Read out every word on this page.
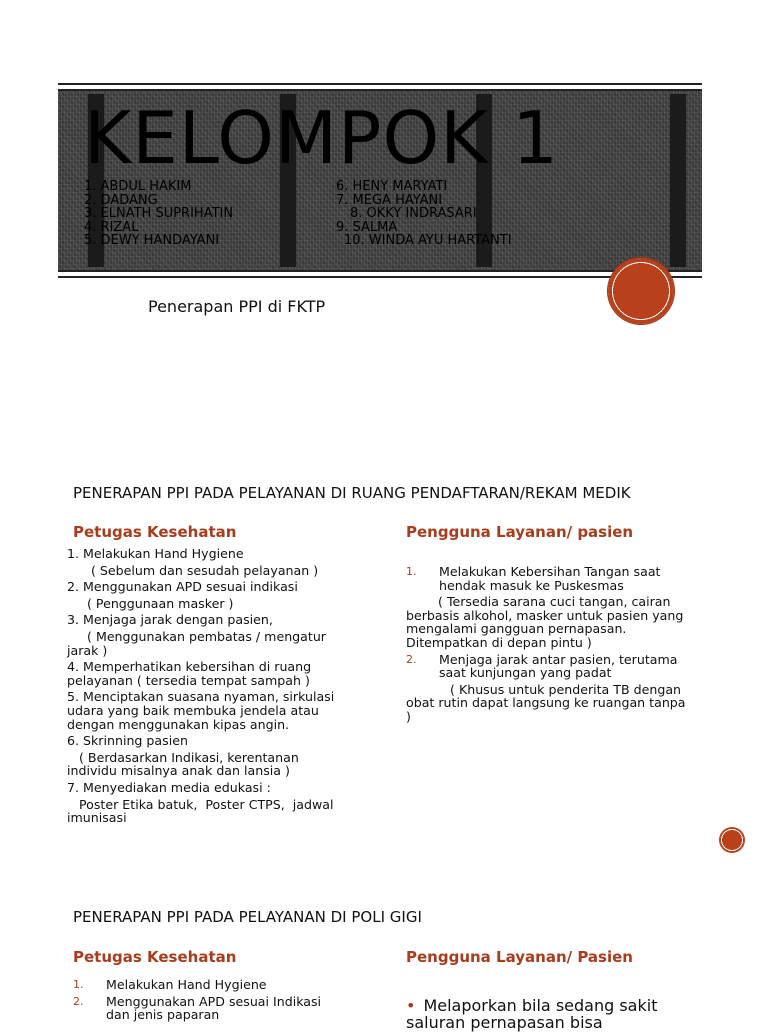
KELOMPOK 1
1. ABDUL HAKIM
2. DADANG
3. ELNATH SUPRIHATIN
4. RIZAL
5. DEWY HANDAYANI
6. HENY MARYATI
7. MEGA HAYANI
8. OKKY INDRASARI
9. SALMA
10. WINDA AYU HARTANTI
Penerapan PPI di FKTP
PENERAPAN PPI PADA PELAYANAN DI RUANG PENDAFTARAN/REKAM MEDIK
Petugas Kesehatan	Pengguna Layanan/ pasien
1. Melakukan Hand Hygiene
( Sebelum dan sesudah pelayanan )
2. Menggunakan APD sesuai indikasi
( Penggunaan masker )
3. Menjaga jarak dengan pasien,
( Menggunakan pembatas / mengatur jarak )
4. Memperhatikan kebersihan di ruang pelayanan ( tersedia tempat sampah )
5. Menciptakan suasana nyaman, sirkulasi udara yang baik membuka jendela atau dengan menggunakan kipas angin.
6. Skrinning pasien
( Berdasarkan Indikasi, kerentanan individu misalnya anak dan lansia )
7. Menyediakan media edukasi :
Poster Etika batuk,  Poster CTPS,  jadwal imunisasi
1.	Melakukan Kebersihan Tangan saat hendak masuk ke Puskesmas
( Tersedia sarana cuci tangan, cairan berbasis alkohol, masker untuk pasien yang mengalami gangguan pernapasan. Ditempatkan di depan pintu )
2.	Menjaga jarak antar pasien, terutama saat kunjungan yang padat
( Khusus untuk penderita TB dengan obat rutin dapat langsung ke ruangan tanpa )
PENERAPAN PPI PADA PELAYANAN DI POLI GIGI
Petugas Kesehatan	Pengguna Layanan/ Pasien
1.	Melakukan Hand Hygiene
2.	Menggunakan APD sesuai Indikasi dan jenis paparan	• Melaporkan bila sedang sakit saluran pernapasan bisa
